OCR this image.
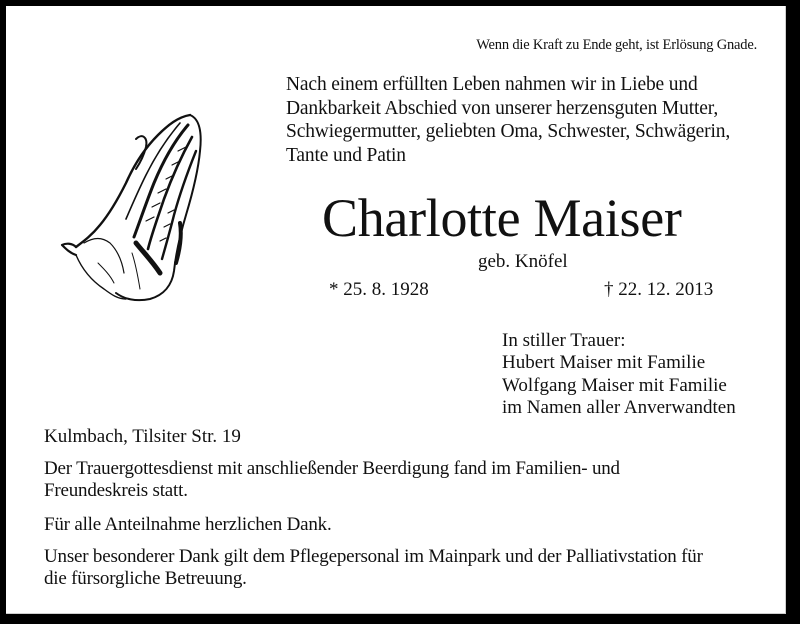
Wenn die Kraft zu Ende geht, ist Erlösung Gnade.
Nach einem erfüllten Leben nahmen wir in Liebe und
Dankbarkeit Abschied von unserer herzensguten Mutter,
Schwiegermutter, geliebten Oma, Schwester, Schwägerin,
Tante und Patin
Charlotte Maiser
geb. Knöfel
* 25. 8. 1928	† 22. 12. 2013
In stiller Trauer:
Hubert Maiser mit Familie
Wolfgang Maiser mit Familie
im Namen aller Anverwandten
Kulmbach, Tilsiter Str. 19
Der Trauergottesdienst mit anschließender Beerdigung fand im Familien- und
Freundeskreis statt.
Für alle Anteilnahme herzlichen Dank.
Unser besonderer Dank gilt dem Pflegepersonal im Mainpark und der Palliativstation für
die fürsorgliche Betreuung.
